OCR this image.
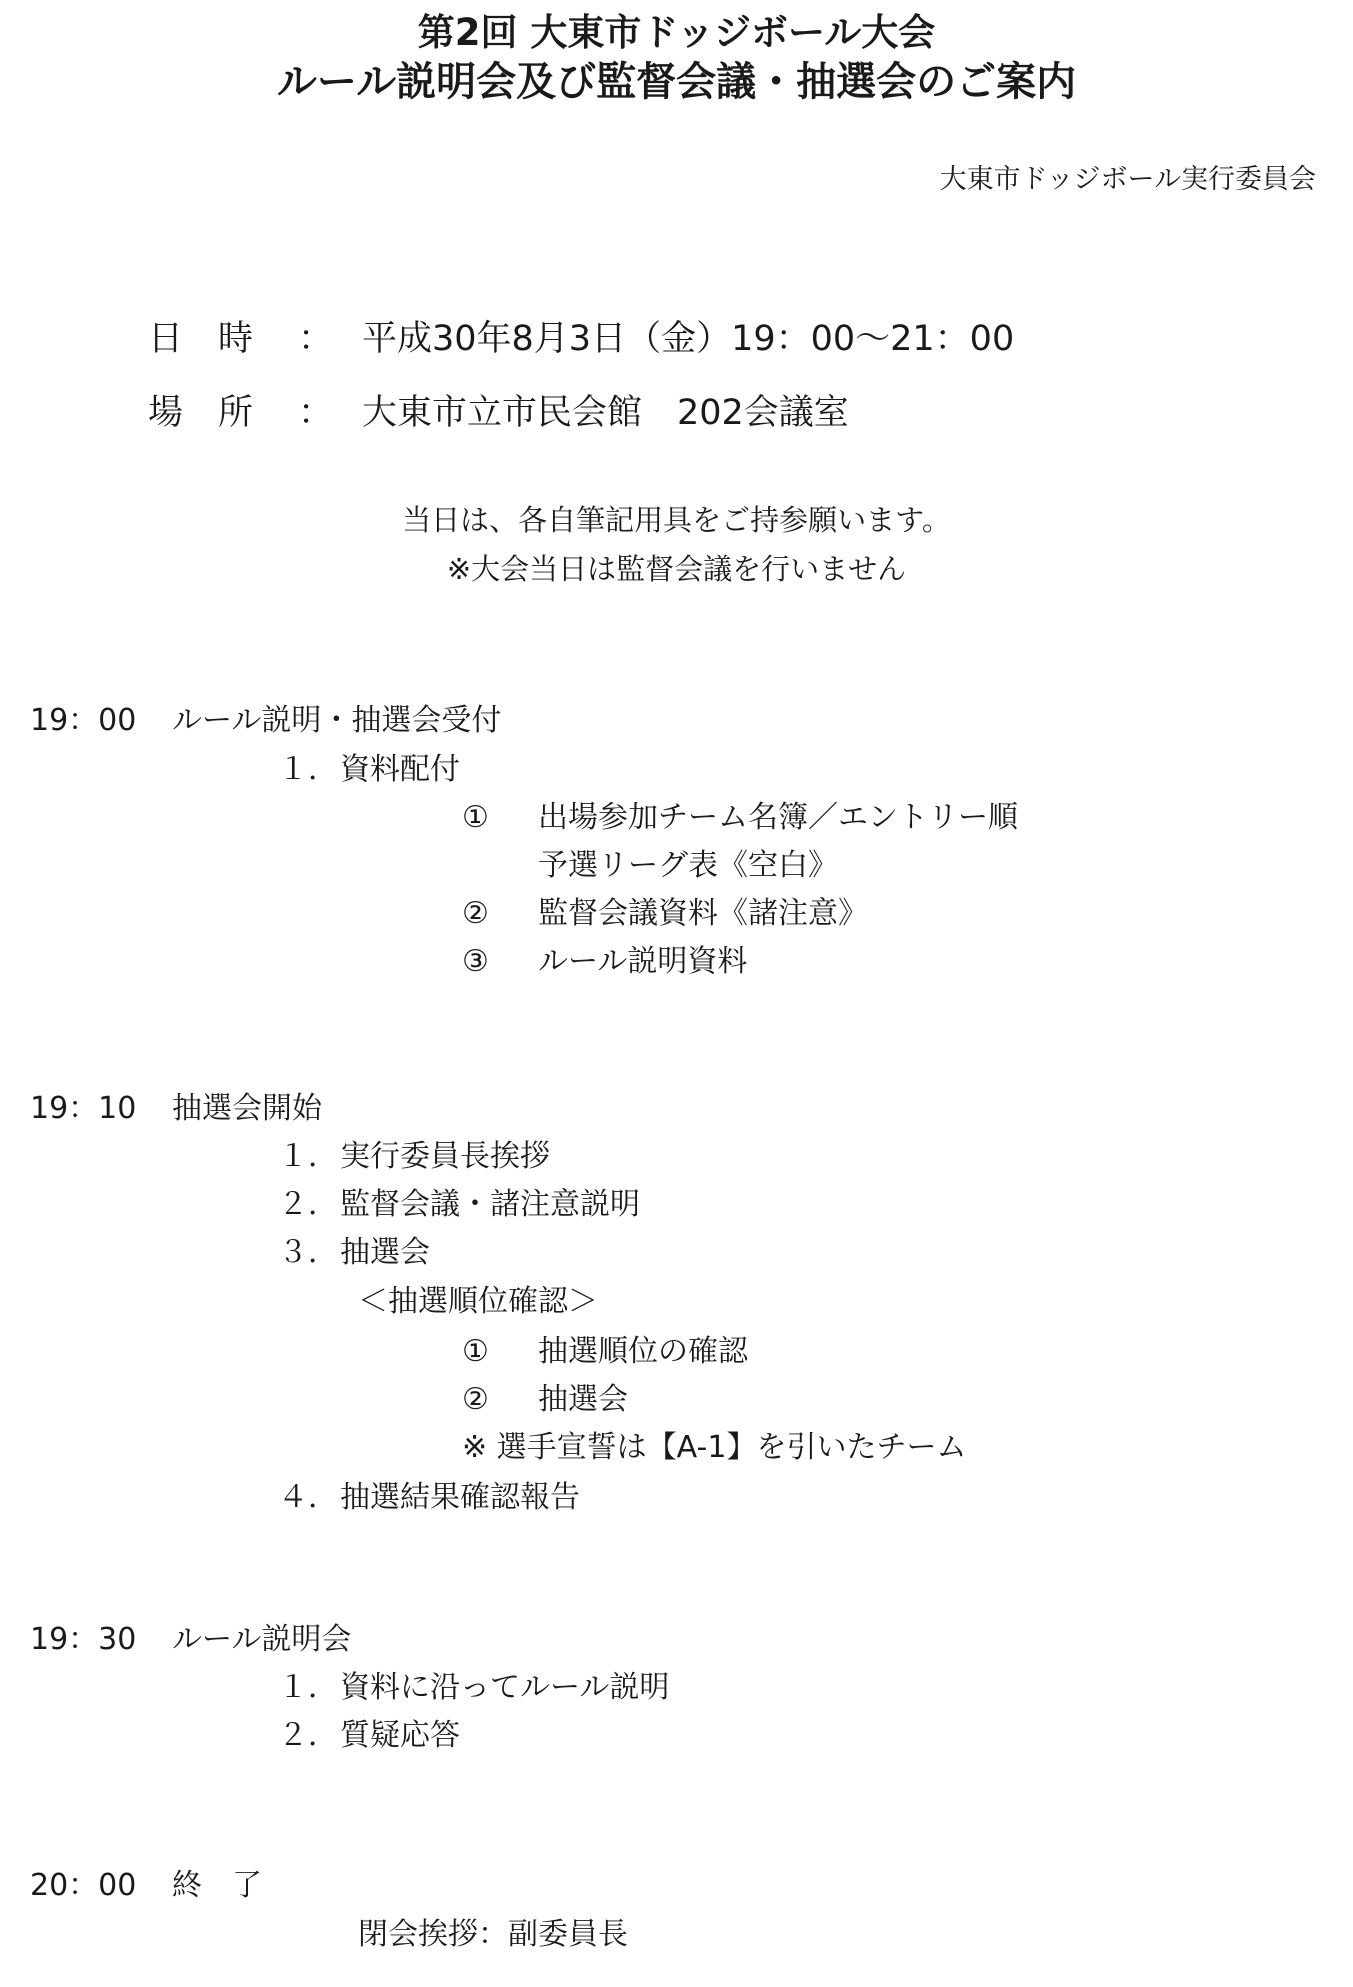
第2回 大東市ドッジボール大会
ルール説明会及び監督会議・抽選会のご案内
大東市ドッジボール実行委員会
日　時 ： 平成30年8月3日（金）19：00～21：00
場　所 ： 大東市立市民会館　202会議室
当日は、各自筆記用具をご持参願います。
※大会当日は監督会議を行いません
19：00 ルール説明・抽選会受付
１． 資料配付
① 出場参加チーム名簿／エントリー順
予選リーグ表《空白》
② 監督会議資料《諸注意》
③ ルール説明資料
19：10 抽選会開始
１． 実行委員長挨拶
２． 監督会議・諸注意説明
３． 抽選会
＜抽選順位確認＞
① 抽選順位の確認
② 抽選会
※ 選手宣誓は【A-1】を引いたチーム
４． 抽選結果確認報告
19：30 ルール説明会
１． 資料に沿ってルール説明
２． 質疑応答
20：00 終　了
閉会挨拶：副委員長
